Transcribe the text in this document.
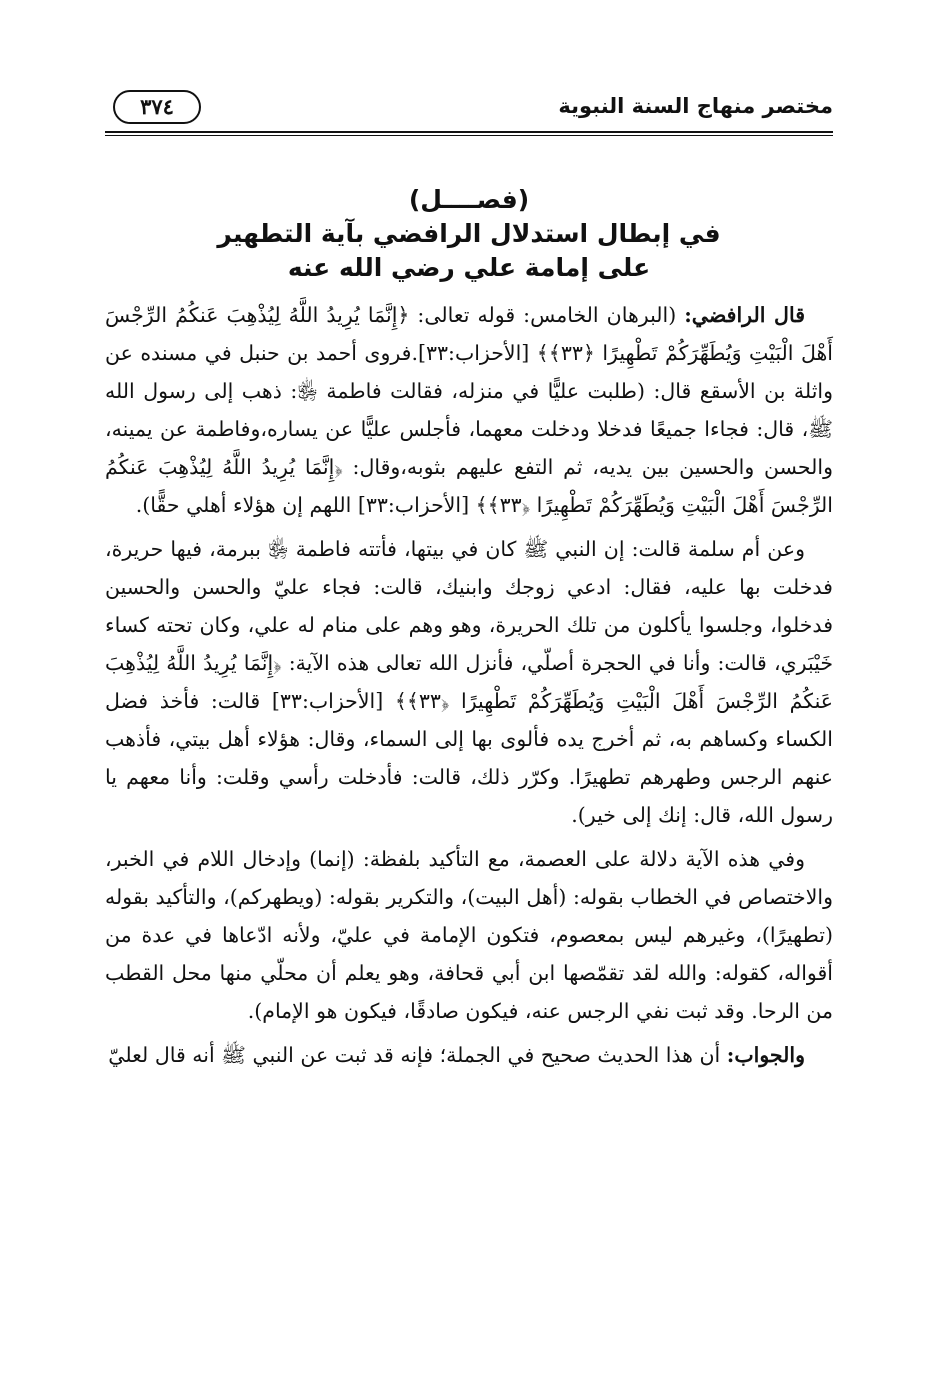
مختصر منهاج السنة النبوية
٣٧٤
(فصــــل)
في إبطال استدلال الرافضي بآية التطهير
على إمامة علي رضي الله عنه

قال الرافضي: (البرهان الخامس: قوله تعالى: ﴿إِنَّمَا يُرِيدُ اللَّهُ لِيُذْهِبَ عَنكُمُ الرِّجْسَ أَهْلَ الْبَيْتِ وَيُطَهِّرَكُمْ تَطْهِيرًا ﴿٣٣﴾﴾ [الأحزاب:٣٣].فروى أحمد بن حنبل في مسنده عن واثلة بن الأسقع قال: (طلبت عليًّا في منزله، فقالت فاطمة ﵂: ذهب إلى رسول الله ﷺ، قال: فجاءا جميعًا فدخلا ودخلت معهما، فأجلس عليًّا عن يساره،وفاطمة عن يمينه، والحسن والحسين بين يديه، ثم التفع عليهم بثوبه،وقال: ﴿إِنَّمَا يُرِيدُ اللَّهُ لِيُذْهِبَ عَنكُمُ الرِّجْسَ أَهْلَ الْبَيْتِ وَيُطَهِّرَكُمْ تَطْهِيرًا ﴿٣٣﴾﴾ [الأحزاب:٣٣] اللهم إن هؤلاء أهلي حقًّا).

وعن أم سلمة قالت: إن النبي ﷺ كان في بيتها، فأتته فاطمة ﵂ ببرمة، فيها حريرة، فدخلت بها عليه، فقال: ادعي زوجك وابنيك، قالت: فجاء عليّ والحسن والحسين فدخلوا، وجلسوا يأكلون من تلك الحريرة، وهو وهم على منام له علي، وكان تحته كساء خَيْبَري، قالت: وأنا في الحجرة أصلّي، فأنزل الله تعالى هذه الآية: ﴿إِنَّمَا يُرِيدُ اللَّهُ لِيُذْهِبَ عَنكُمُ الرِّجْسَ أَهْلَ الْبَيْتِ وَيُطَهِّرَكُمْ تَطْهِيرًا ﴿٣٣﴾﴾ [الأحزاب:٣٣] قالت: فأخذ فضل الكساء وكساهم به، ثم أخرج يده فألوى بها إلى السماء، وقال: هؤلاء أهل بيتي، فأذهب عنهم الرجس وطهرهم تطهيرًا. وكرّر ذلك، قالت: فأدخلت رأسي وقلت: وأنا معهم يا رسول الله، قال: إنك إلى خير).

وفي هذه الآية دلالة على العصمة، مع التأكيد بلفظة: (إنما) وإدخال اللام في الخبر، والاختصاص في الخطاب بقوله: (أهل البيت)، والتكرير بقوله: (ويطهركم)، والتأكيد بقوله (تطهيرًا)، وغيرهم ليس بمعصوم، فتكون الإمامة في عليّ، ولأنه ادّعاها في عدة من أقواله، كقوله: والله لقد تقمّصها ابن أبي قحافة، وهو يعلم أن محلّي منها محل القطب من الرحا. وقد ثبت نفي الرجس عنه، فيكون صادقًا، فيكون هو الإمام).

والجواب: أن هذا الحديث صحيح في الجملة؛ فإنه قد ثبت عن النبي ﷺ أنه قال لعليّ
